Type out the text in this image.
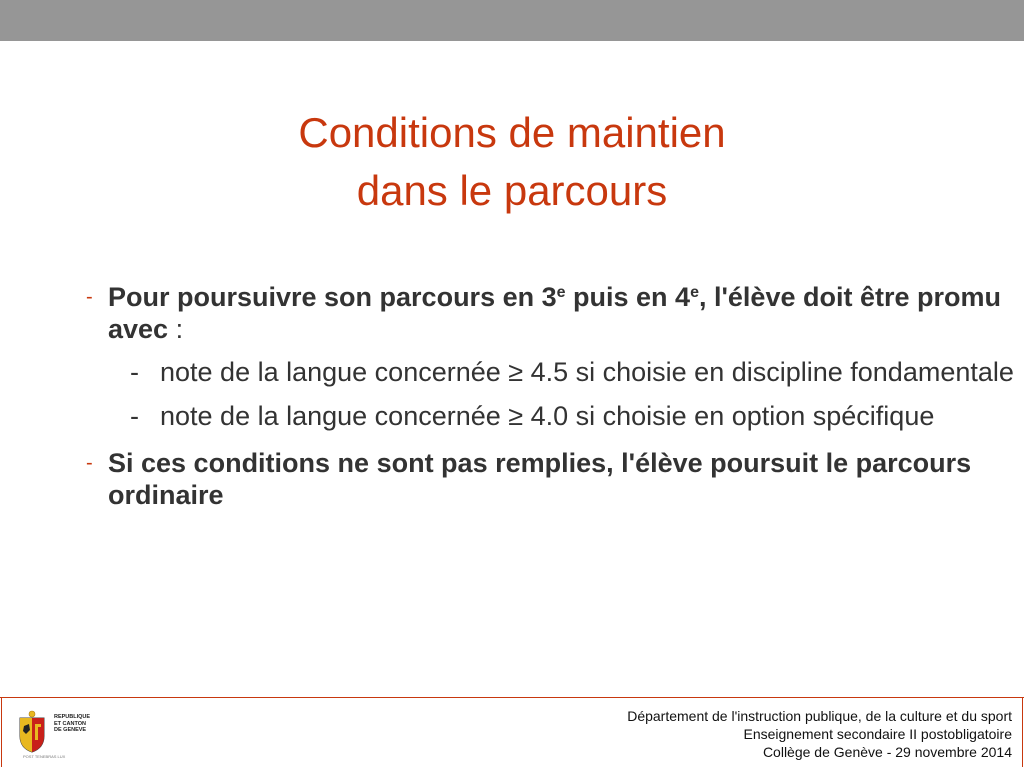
Conditions de maintien
dans le parcours
- Pour poursuivre son parcours en 3e puis en 4e, l'élève doit être promu avec :
- note de la langue concernée ≥ 4.5 si choisie en discipline fondamentale
- note de la langue concernée ≥ 4.0 si choisie en option spécifique
- Si ces conditions ne sont pas remplies, l'élève poursuit le parcours ordinaire
REPUBLIQUE
ET CANTON
DE GENEVE
POST TENEBRAS LUX
Département de l'instruction publique, de la culture et du sport
Enseignement secondaire II postobligatoire
Collège de Genève - 29 novembre 2014
